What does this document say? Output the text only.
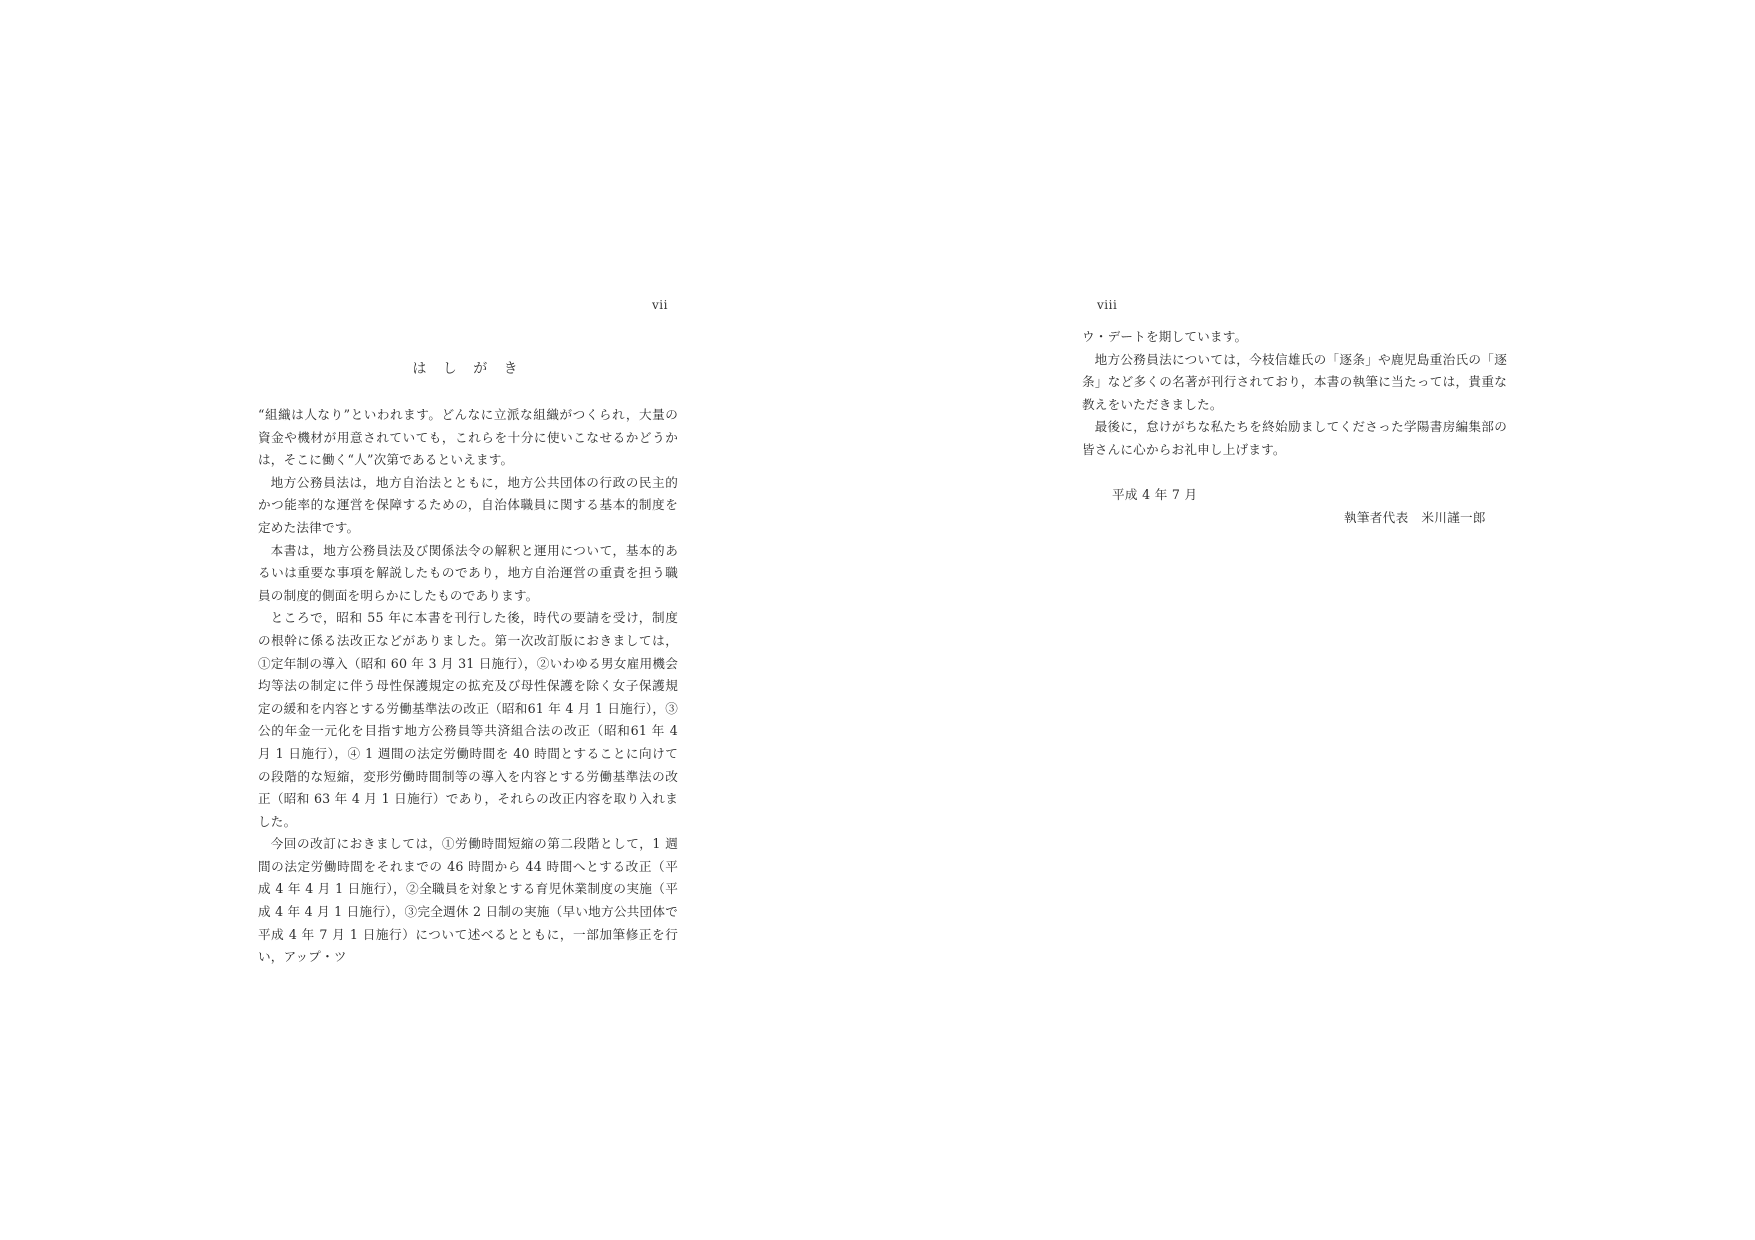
vii
は し が き

“組織は人なり”といわれます。どんなに立派な組織がつくられ，大量の資金や機材が用意されていても，これらを十分に使いこなせるかどうかは，そこに働く“人”次第であるといえます。

地方公務員法は，地方自治法とともに，地方公共団体の行政の民主的かつ能率的な運営を保障するための，自治体職員に関する基本的制度を定めた法律です。

本書は，地方公務員法及び関係法令の解釈と運用について，基本的あるいは重要な事項を解説したものであり，地方自治運営の重責を担う職員の制度的側面を明らかにしたものであります。

ところで，昭和 55 年に本書を刊行した後，時代の要請を受け，制度の根幹に係る法改正などがありました。第一次改訂版におきましては，①定年制の導入（昭和 60 年 3 月 31 日施行），②いわゆる男女雇用機会均等法の制定に伴う母性保護規定の拡充及び母性保護を除く女子保護規定の緩和を内容とする労働基準法の改正（昭和61 年 4 月 1 日施行），③公的年金一元化を目指す地方公務員等共済組合法の改正（昭和61 年 4 月 1 日施行），④ 1 週間の法定労働時間を 40 時間とすることに向けての段階的な短縮，変形労働時間制等の導入を内容とする労働基準法の改正（昭和 63 年 4 月 1 日施行）であり，それらの改正内容を取り入れました。

今回の改訂におきましては，①労働時間短縮の第二段階として，1 週間の法定労働時間をそれまでの 46 時間から 44 時間へとする改正（平成 4 年 4 月 1 日施行），②全職員を対象とする育児休業制度の実施（平成 4 年 4 月 1 日施行），③完全週休 2 日制の実施（早い地方公共団体で平成 4 年 7 月 1 日施行）について述べるとともに，一部加筆修正を行い，アップ・ツ

viii

ウ・デートを期しています。

地方公務員法については，今枝信雄氏の「逐条」や鹿児島重治氏の「逐条」など多くの名著が刊行されており，本書の執筆に当たっては，貴重な教えをいただきました。

最後に，怠けがちな私たちを終始励ましてくださった学陽書房編集部の皆さんに心からお礼申し上げます。

平成 4 年 7 月
執筆者代表　米川謹一郎
